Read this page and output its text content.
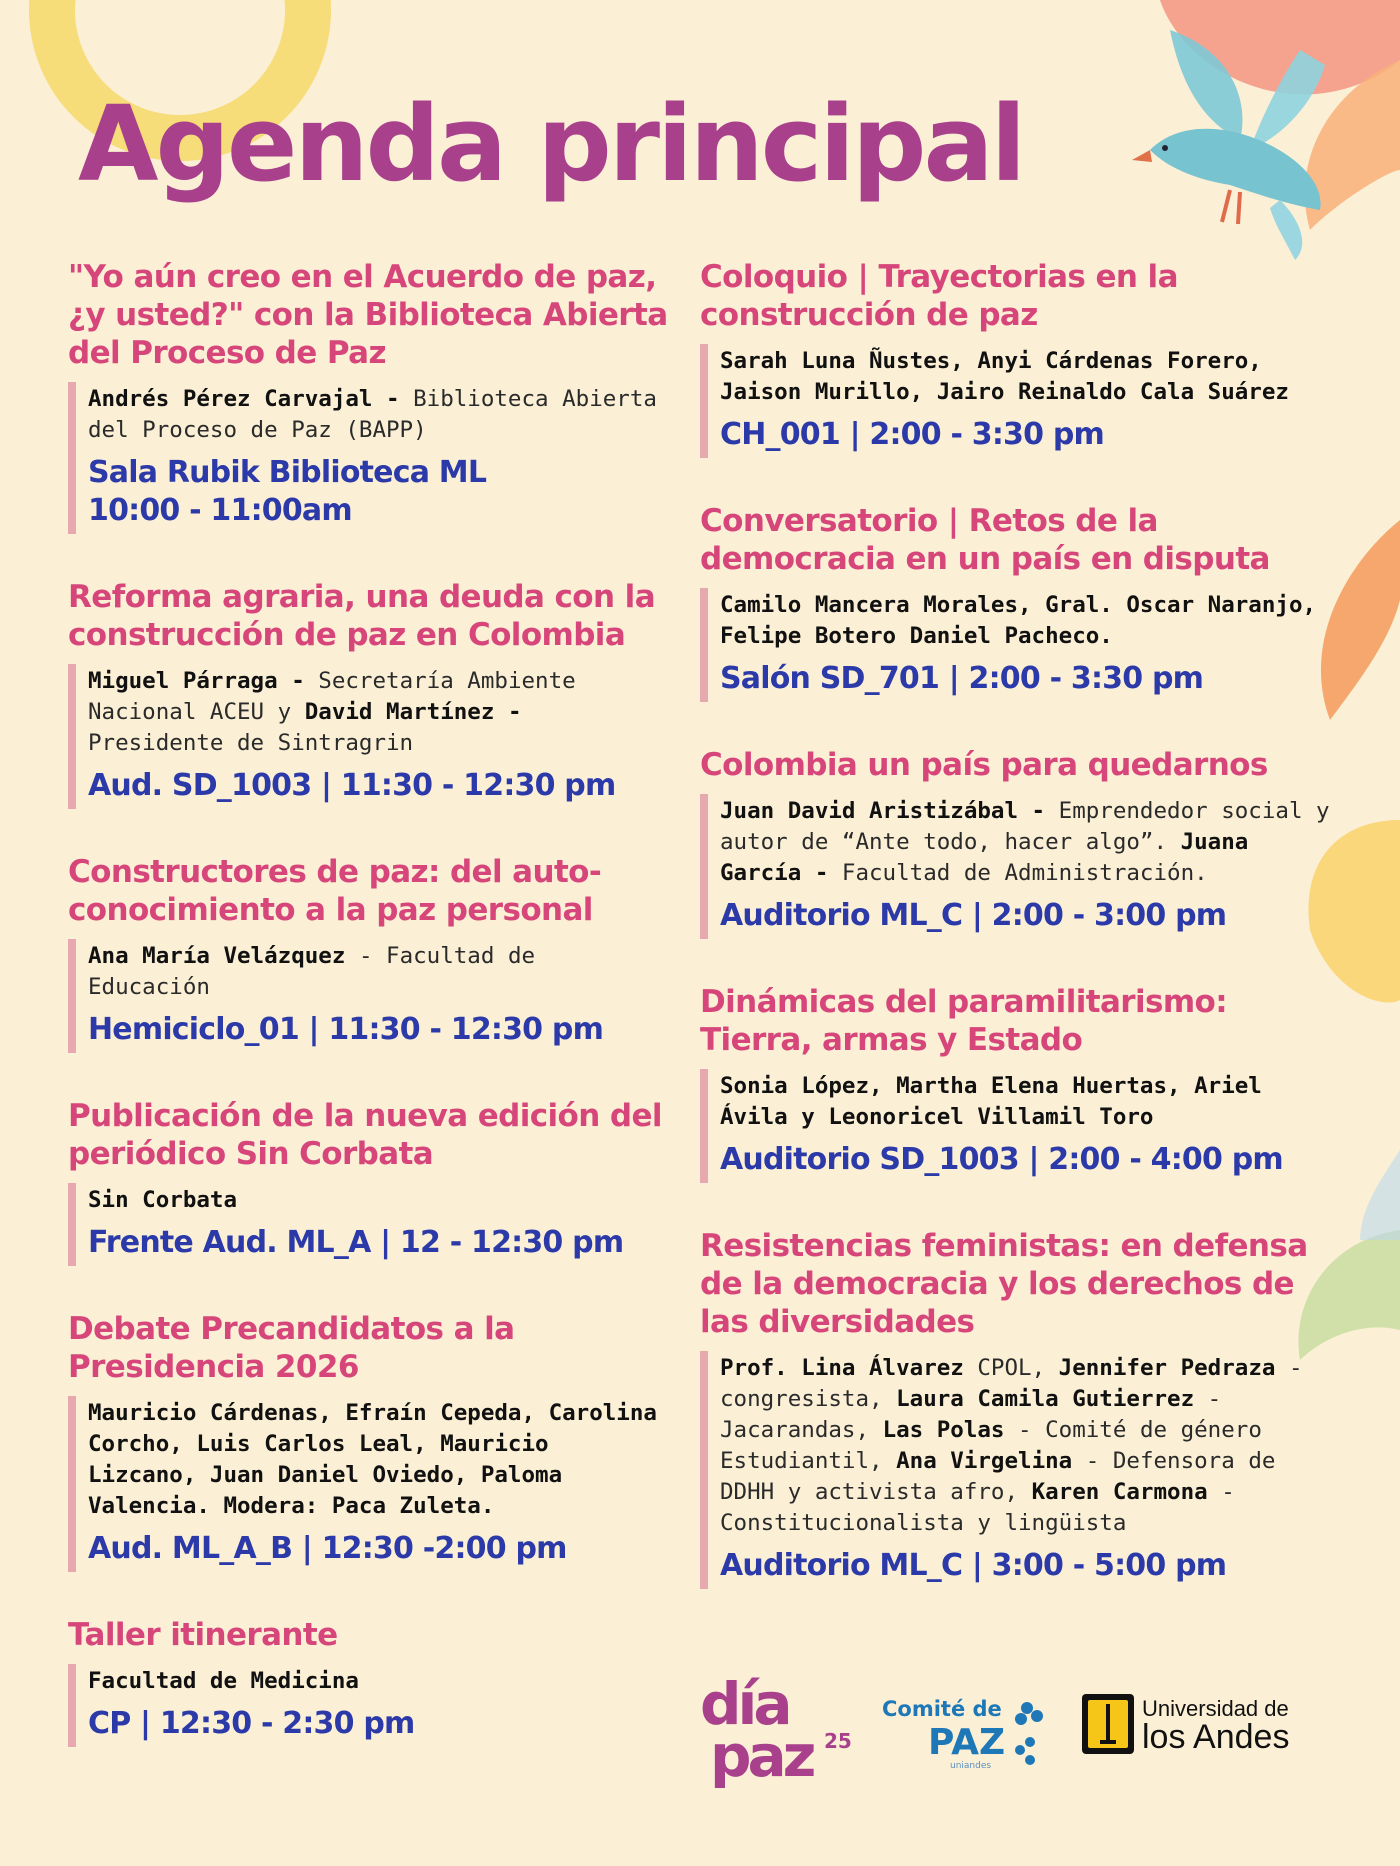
Agenda principal
"Yo aún creo en el Acuerdo de paz, ¿y usted?" con la Biblioteca Abierta del Proceso de Paz
Andrés Pérez Carvajal - Biblioteca Abierta del Proceso de Paz (BAPP)
Sala Rubik Biblioteca ML
10:00 - 11:00am
Reforma agraria, una deuda con la construcción de paz en Colombia
Miguel Párraga - Secretaría Ambiente Nacional ACEU y David Martínez - Presidente de Sintragrin
Aud. SD_1003 | 11:30 - 12:30 pm
Constructores de paz: del auto-conocimiento a la paz personal
Ana María Velázquez - Facultad de Educación
Hemiciclo_01 | 11:30 - 12:30 pm
Publicación de la nueva edición del periódico Sin Corbata
Sin Corbata
Frente Aud. ML_A | 12 - 12:30 pm
Debate Precandidatos a la Presidencia 2026
Mauricio Cárdenas, Efraín Cepeda, Carolina Corcho, Luis Carlos Leal, Mauricio Lizcano, Juan Daniel Oviedo, Paloma Valencia. Modera: Paca Zuleta.
Aud. ML_A_B | 12:30 -2:00 pm
Taller itinerante
Facultad de Medicina
CP | 12:30 - 2:30 pm
Coloquio | Trayectorias en la construcción de paz
Sarah Luna Ñustes, Anyi Cárdenas Forero, Jaison Murillo, Jairo Reinaldo Cala Suárez
CH_001 | 2:00 - 3:30 pm
Conversatorio | Retos de la democracia en un país en disputa
Camilo Mancera Morales, Gral. Oscar Naranjo, Felipe Botero Daniel Pacheco.
Salón SD_701 | 2:00 - 3:30 pm
Colombia un país para quedarnos
Juan David Aristizábal - Emprendedor social y autor de “Ante todo, hacer algo”. Juana García - Facultad de Administración.
Auditorio ML_C | 2:00 - 3:00 pm
Dinámicas del paramilitarismo: Tierra, armas y Estado
Sonia López, Martha Elena Huertas, Ariel Ávila y Leonoricel Villamil Toro
Auditorio SD_1003 | 2:00 - 4:00 pm
Resistencias feministas: en defensa de la democracia y los derechos de las diversidades
Prof. Lina Álvarez CPOL, Jennifer Pedraza - congresista, Laura Camila Gutierrez - Jacarandas, Las Polas - Comité de género Estudiantil, Ana Virgelina - Defensora de DDHH y activista afro, Karen Carmona - Constitucionalista y lingüista
Auditorio ML_C | 3:00 - 5:00 pm
día
paz 25
Comité de
PAZ
uniandes
Universidad de
los Andes
